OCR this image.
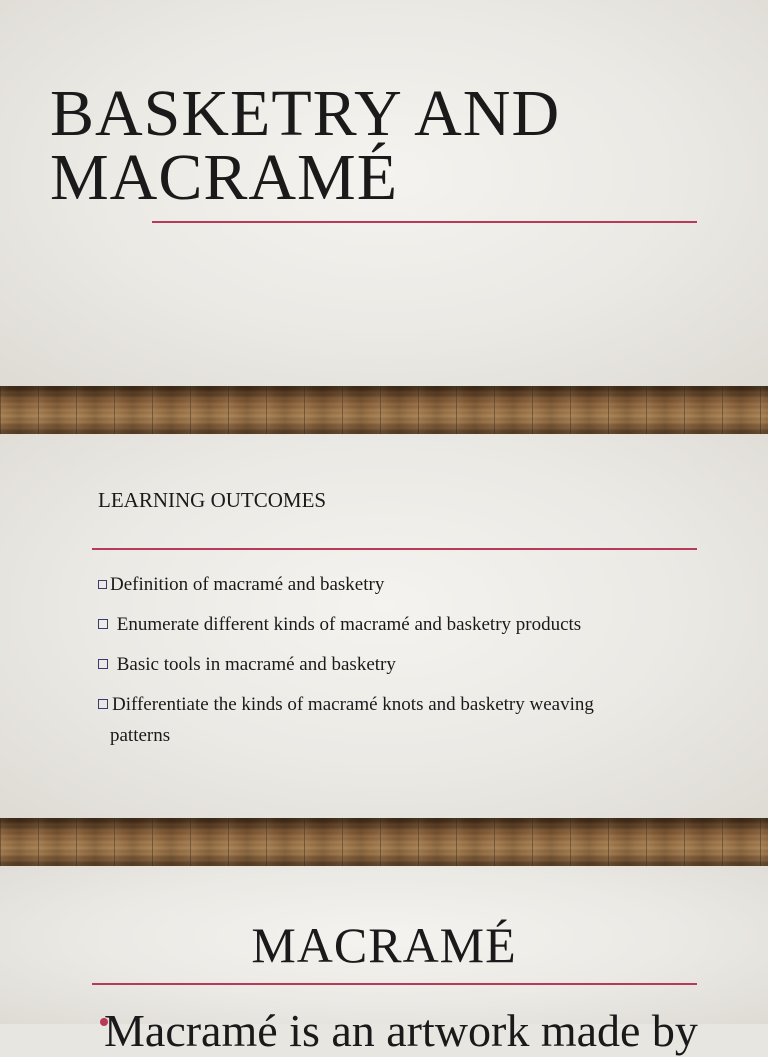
BASKETRY AND
MACRAMÉ
LEARNING OUTCOMES
Definition of macramé and basketry
Enumerate different kinds of macramé and basketry products
Basic tools in macramé and basketry
Differentiate the kinds of macramé knots and basketry weaving
patterns
MACRAMÉ

Macramé is an artwork made by
